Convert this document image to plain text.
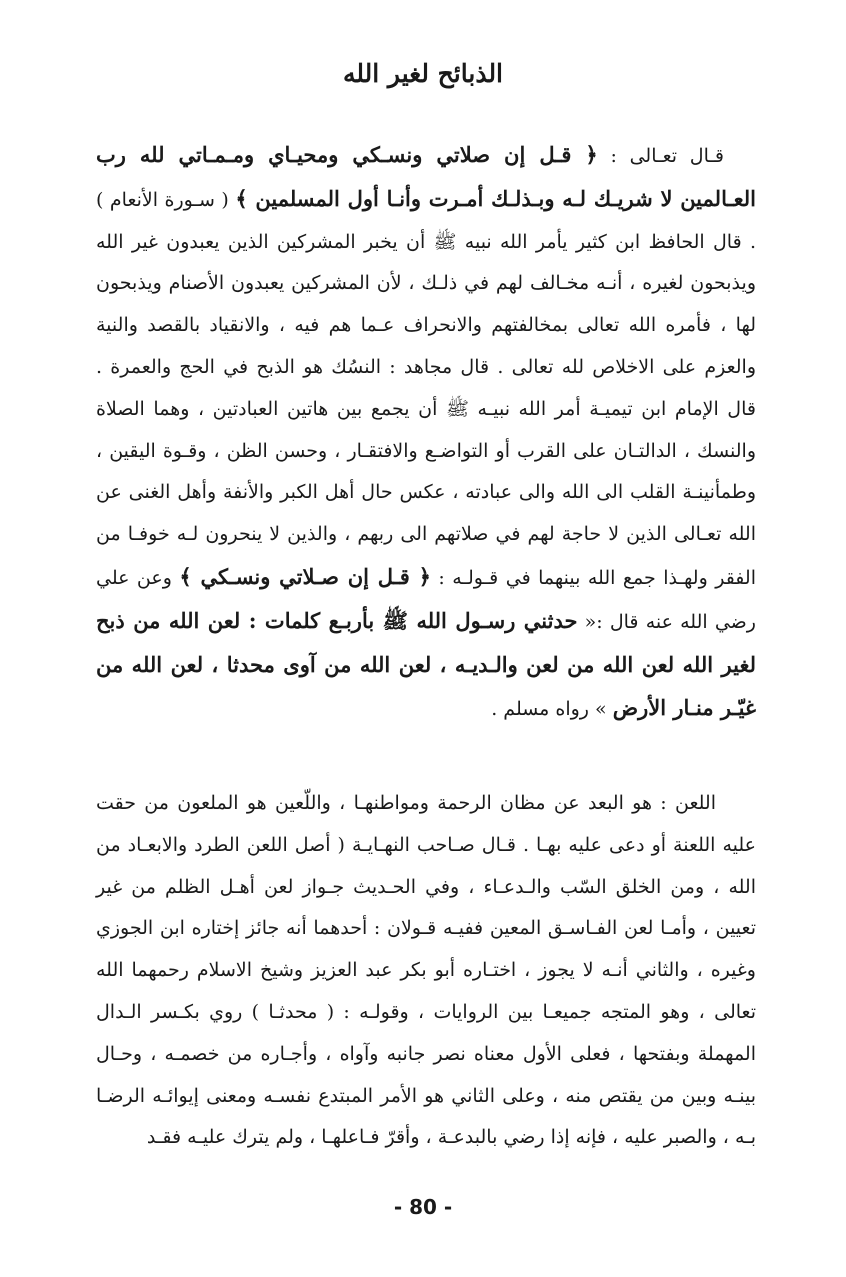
الذبائح لغير الله

قـال تعـالى : ﴿ قـل إن صلاتي ونسـكي ومحيـاي ومـمـاتي لله رب العـالمين لا شريـك لـه وبـذلـك أمـرت وأنـا أول المسلمين ﴾ ( سـورة الأنعام ) . قال الحافظ ابن كثير يأمر الله نبيه ﷺ أن يخبر المشركين الذين يعبدون غير الله ويذبحون لغيره ، أنـه مخـالف لهم في ذلـك ، لأن المشركين يعبدون الأصنام ويذبحون لها ، فأمره الله تعالى بمخالفتهم والانحراف عـما هم فيه ، والانقياد بالقصد والنية والعزم على الاخلاص لله تعالى . قال مجاهد : النسُك هو الذبح في الحج والعمرة . قال الإمام ابن تيميـة أمر الله نبيـه ﷺ أن يجمع بين هاتين العبادتين ، وهما الصلاة والنسك ، الدالتـان على القرب أو التواضـع والافتقـار ، وحسن الظن ، وقـوة اليقين ، وطمأنينـة القلب الى الله والى عبادته ، عكس حال أهل الكبر والأنفة وأهل الغنى عن الله تعـالى الذين لا حاجة لهم في صلاتهم الى ربهم ، والذين لا ينحرون لـه خوفـا من الفقر ولهـذا جمع الله بينهما في قـولـه : ﴿ قـل إن صـلاتي ونسـكي ﴾ وعن علي رضي الله عنه قال :« حدثني رسـول الله ﷺ بأربـع كلمات : لعن الله من ذبح لغير الله لعن الله من لعن والـديـه ، لعن الله من آوى محدثا ، لعن الله من غيّـر منـار الأرض » رواه مسلم .

اللعن : هو البعد عن مظان الرحمة ومواطنهـا ، واللّعين هو الملعون من حقت عليه اللعنة أو دعى عليه بهـا . قـال صـاحب النهـايـة ( أصل اللعن الطرد والابعـاد من الله ، ومن الخلق السّب والـدعـاء ، وفي الحـديث جـواز لعن أهـل الظلم من غير تعيين ، وأمـا لعن الفـاسـق المعين ففيـه قـولان : أحدهما أنه جائز إختاره ابن الجوزي وغيره ، والثاني أنـه لا يجوز ، اختـاره أبو بكر عبد العزيز وشيخ الاسلام رحمهما الله تعالى ، وهو المتجه جميعـا بين الروايات ، وقولـه : ( محدثـا ) روي بكـسر الـدال المهملة وبفتحها ، فعلى الأول معناه نصر جانبه وآواه ، وأجـاره من خصمـه ، وحـال بينـه وبين من يقتص منه ، وعلى الثاني هو الأمر المبتدع نفسـه ومعنى إيوائـه الرضـا بـه ، والصبر عليه ، فإنه إذا رضي بالبدعـة ، وأقرّ فـاعلهـا ، ولم يترك عليـه فقـد

- 80 -
